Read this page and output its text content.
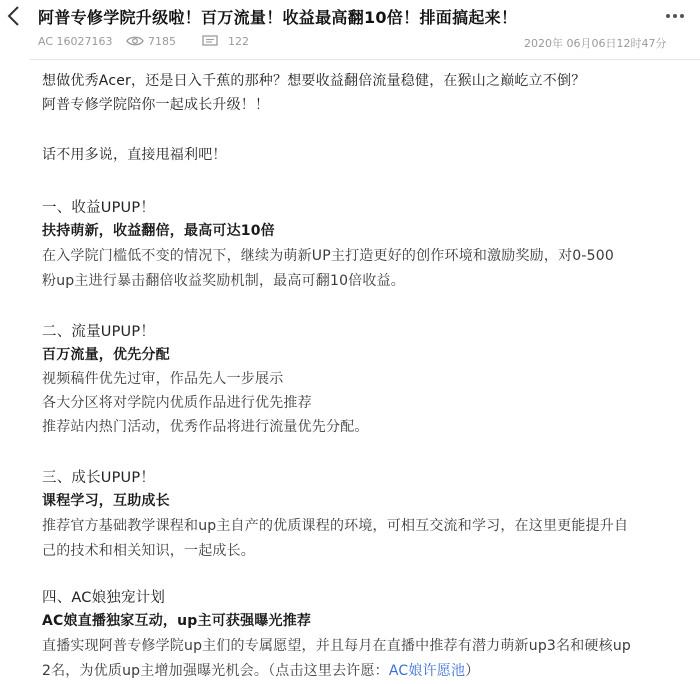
阿普专修学院升级啦！百万流量！收益最高翻10倍！排面搞起来！
AC 16027163	7185	122	2020年 06月06日12时47分
想做优秀Acer，还是日入千蕉的那种？想要收益翻倍流量稳健，在猴山之巅屹立不倒？
阿普专修学院陪你一起成长升级！！
话不用多说，直接甩福利吧！
一、收益UPUP！
扶持萌新，收益翻倍，最高可达10倍
在入学院门槛低不变的情况下，继续为萌新UP主打造更好的创作环境和激励奖励，对0-500
粉up主进行暴击翻倍收益奖励机制，最高可翻10倍收益。
二、流量UPUP！
百万流量，优先分配
视频稿件优先过审，作品先人一步展示
各大分区将对学院内优质作品进行优先推荐
推荐站内热门活动，优秀作品将进行流量优先分配。
三、成长UPUP！
课程学习，互助成长
推荐官方基础教学课程和up主自产的优质课程的环境，可相互交流和学习，在这里更能提升自
己的技术和相关知识，一起成长。
四、AC娘独宠计划
AC娘直播独家互动，up主可获强曝光推荐
直播实现阿普专修学院up主们的专属愿望，并且每月在直播中推荐有潜力萌新up3名和硬核up
2名，为优质up主增加强曝光机会。（点击这里去许愿：AC娘许愿池）
